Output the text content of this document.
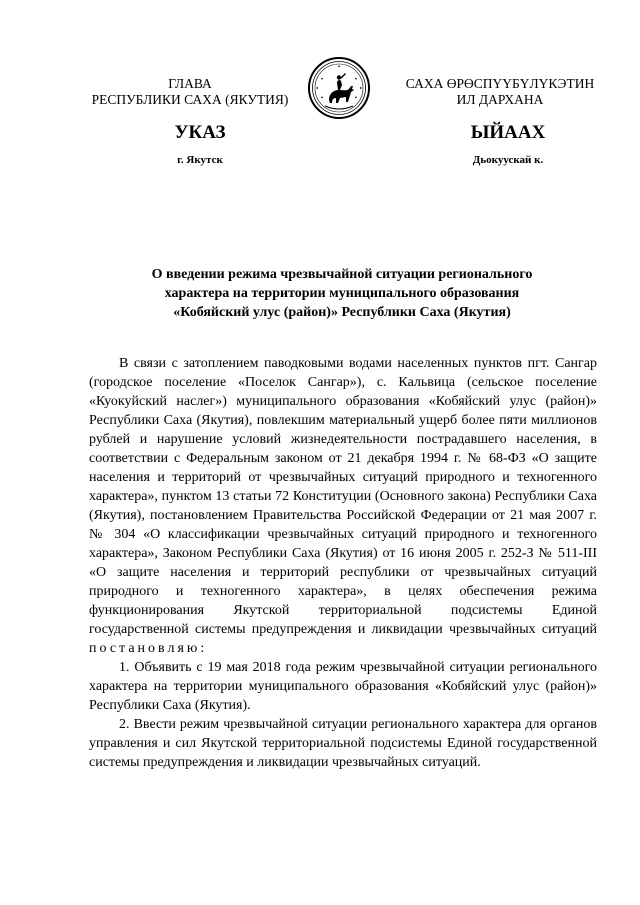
ГЛАВА
РЕСПУБЛИКИ САХА (ЯКУТИЯ)
САХА ӨРӨСПҮҮБҮЛҮКЭТИН
ИЛ ДАРХАНА
УКАЗ	ЫЙААХ
г. Якутск	Дьокуускай к.
О введении режима чрезвычайной ситуации регионального
характера на территории муниципального образования
«Кобяйский улус (район)» Республики Саха (Якутия)

В связи с затоплением паводковыми водами населенных пунктов пгт. Сангар (городское поселение «Поселок Сангар»), с. Кальвица (сельское поселение «Куокуйский наслег») муниципального образования «Кобяйский улус (район)» Республики Саха (Якутия), повлекшим материальный ущерб более пяти миллионов рублей и нарушение условий жизнедеятельности пострадавшего населения, в соответствии с Федеральным законом от 21 декабря 1994 г. № 68-ФЗ «О защите населения и территорий от чрезвычайных ситуаций природного и техногенного характера», пунктом 13 статьи 72 Конституции (Основного закона) Республики Саха (Якутия), постановлением Правительства Российской Федерации от 21 мая 2007 г. № 304 «О классификации чрезвычайных ситуаций природного и техногенного характера», Законом Республики Саха (Якутия) от 16 июня 2005 г. 252-З № 511-III «О защите населения и территорий республики от чрезвычайных ситуаций природного и техногенного характера», в целях обеспечения режима функционирования Якутской территориальной подсистемы Единой государственной системы предупреждения и ликвидации чрезвычайных ситуаций постановляю:

1. Объявить с 19 мая 2018 года режим чрезвычайной ситуации регионального характера на территории муниципального образования «Кобяйский улус (район)» Республики Саха (Якутия).

2. Ввести режим чрезвычайной ситуации регионального характера для органов управления и сил Якутской территориальной подсистемы Единой государственной системы предупреждения и ликвидации чрезвычайных ситуаций.
